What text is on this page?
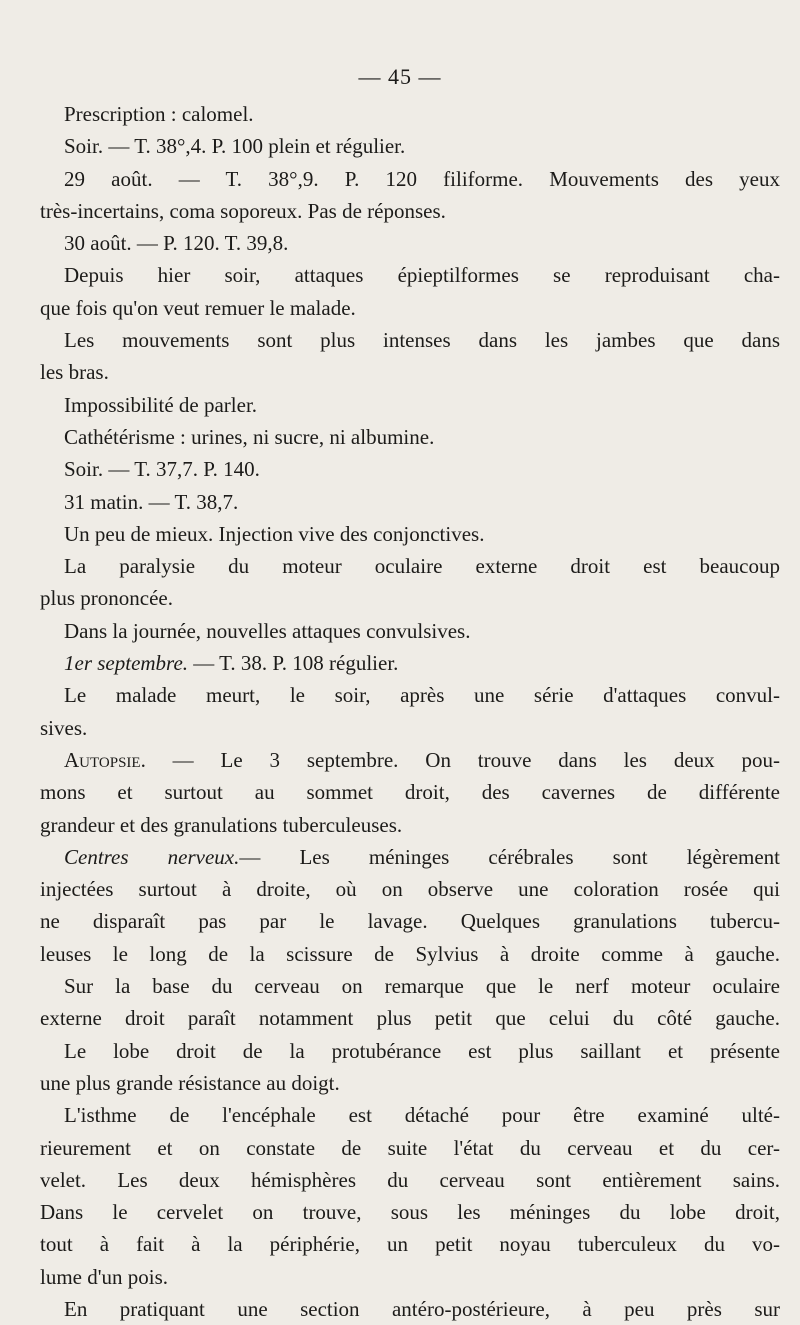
— 45 —
Prescription : calomel.
Soir. — T. 38°,4. P. 100 plein et régulier.
29 août. — T. 38°,9. P. 120 filiforme. Mouvements des yeux
très-incertains, coma soporeux. Pas de réponses.
30 août. — P. 120. T. 39,8.
Depuis hier soir, attaques épieptilformes se reproduisant cha-
que fois qu'on veut remuer le malade.
Les mouvements sont plus intenses dans les jambes que dans
les bras.
Impossibilité de parler.
Cathétérisme : urines, ni sucre, ni albumine.
Soir. — T. 37,7. P. 140.
31 matin. — T. 38,7.
Un peu de mieux. Injection vive des conjonctives.
La paralysie du moteur oculaire externe droit est beaucoup
plus prononcée.
Dans la journée, nouvelles attaques convulsives.
1er septembre. — T. 38. P. 108 régulier.
Le malade meurt, le soir, après une série d'attaques convul-
sives.
Autopsie. — Le 3 septembre. On trouve dans les deux pou-
mons et surtout au sommet droit, des cavernes de différente
grandeur et des granulations tuberculeuses.
Centres nerveux.— Les méninges cérébrales sont légèrement
injectées surtout à droite, où on observe une coloration rosée qui
ne disparaît pas par le lavage. Quelques granulations tubercu-
leuses le long de la scissure de Sylvius à droite comme à gauche.
Sur la base du cerveau on remarque que le nerf moteur oculaire
externe droit paraît notamment plus petit que celui du côté gauche.
Le lobe droit de la protubérance est plus saillant et présente
une plus grande résistance au doigt.
L'isthme de l'encéphale est détaché pour être examiné ulté-
rieurement et on constate de suite l'état du cerveau et du cer-
velet. Les deux hémisphères du cerveau sont entièrement sains.
Dans le cervelet on trouve, sous les méninges du lobe droit,
tout à fait à la périphérie, un petit noyau tuberculeux du vo-
lume d'un pois.
En pratiquant une section antéro-postérieure, à peu près sur
